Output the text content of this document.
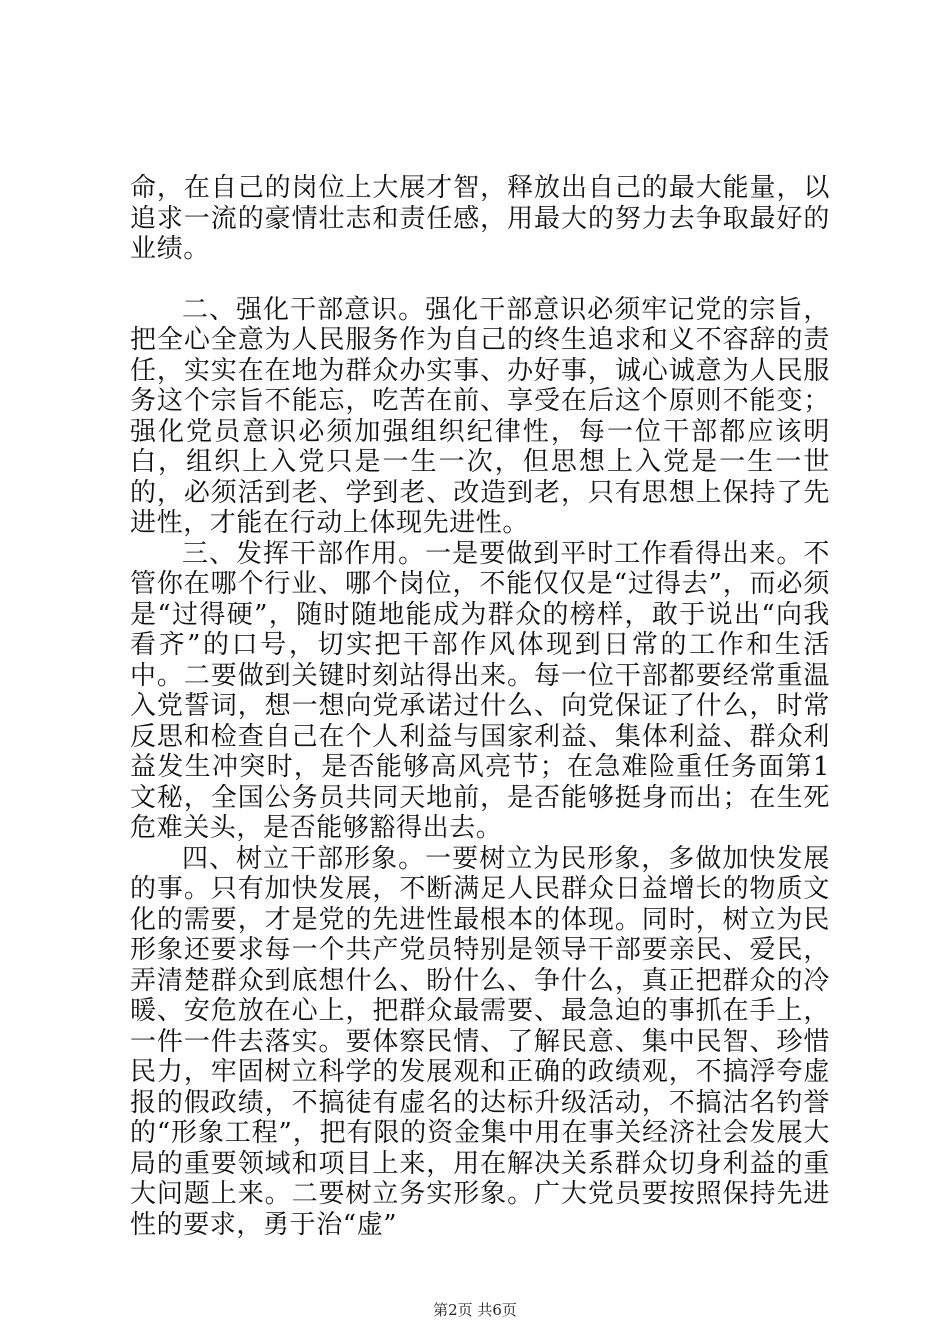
命，在自己的岗位上大展才智，释放出自己的最大能量，以追求一流的豪情壮志和责任感，用最大的努力去争取最好的业绩。

二、强化干部意识。强化干部意识必须牢记党的宗旨，把全心全意为人民服务作为自己的终生追求和义不容辞的责任，实实在在地为群众办实事、办好事，诚心诚意为人民服务这个宗旨不能忘，吃苦在前、享受在后这个原则不能变；强化党员意识必须加强组织纪律性，每一位干部都应该明白，组织上入党只是一生一次，但思想上入党是一生一世的，必须活到老、学到老、改造到老，只有思想上保持了先进性，才能在行动上体现先进性。

三、发挥干部作用。一是要做到平时工作看得出来。不管你在哪个行业、哪个岗位，不能仅仅是“过得去”，而必须是“过得硬”，随时随地能成为群众的榜样，敢于说出“向我看齐”的口号，切实把干部作风体现到日常的工作和生活中。二要做到关键时刻站得出来。每一位干部都要经常重温入党誓词，想一想向党承诺过什么、向党保证了什么，时常反思和检查自己在个人利益与国家利益、集体利益、群众利益发生冲突时，是否能够高风亮节；在急难险重任务面第1文秘，全国公务员共同天地前，是否能够挺身而出；在生死危难关头，是否能够豁得出去。

四、树立干部形象。一要树立为民形象，多做加快发展的事。只有加快发展，不断满足人民群众日益增长的物质文化的需要，才是党的先进性最根本的体现。同时，树立为民形象还要求每一个共产党员特别是领导干部要亲民、爱民，弄清楚群众到底想什么、盼什么、争什么，真正把群众的冷暖、安危放在心上，把群众最需要、最急迫的事抓在手上，一件一件去落实。要体察民情、了解民意、集中民智、珍惜民力，牢固树立科学的发展观和正确的政绩观，不搞浮夸虚报的假政绩，不搞徒有虚名的达标升级活动，不搞沽名钓誉的“形象工程”，把有限的资金集中用在事关经济社会发展大局的重要领域和项目上来，用在解决关系群众切身利益的重大问题上来。二要树立务实形象。广大党员要按照保持先进性的要求，勇于治“虚”

第2页 共6页
